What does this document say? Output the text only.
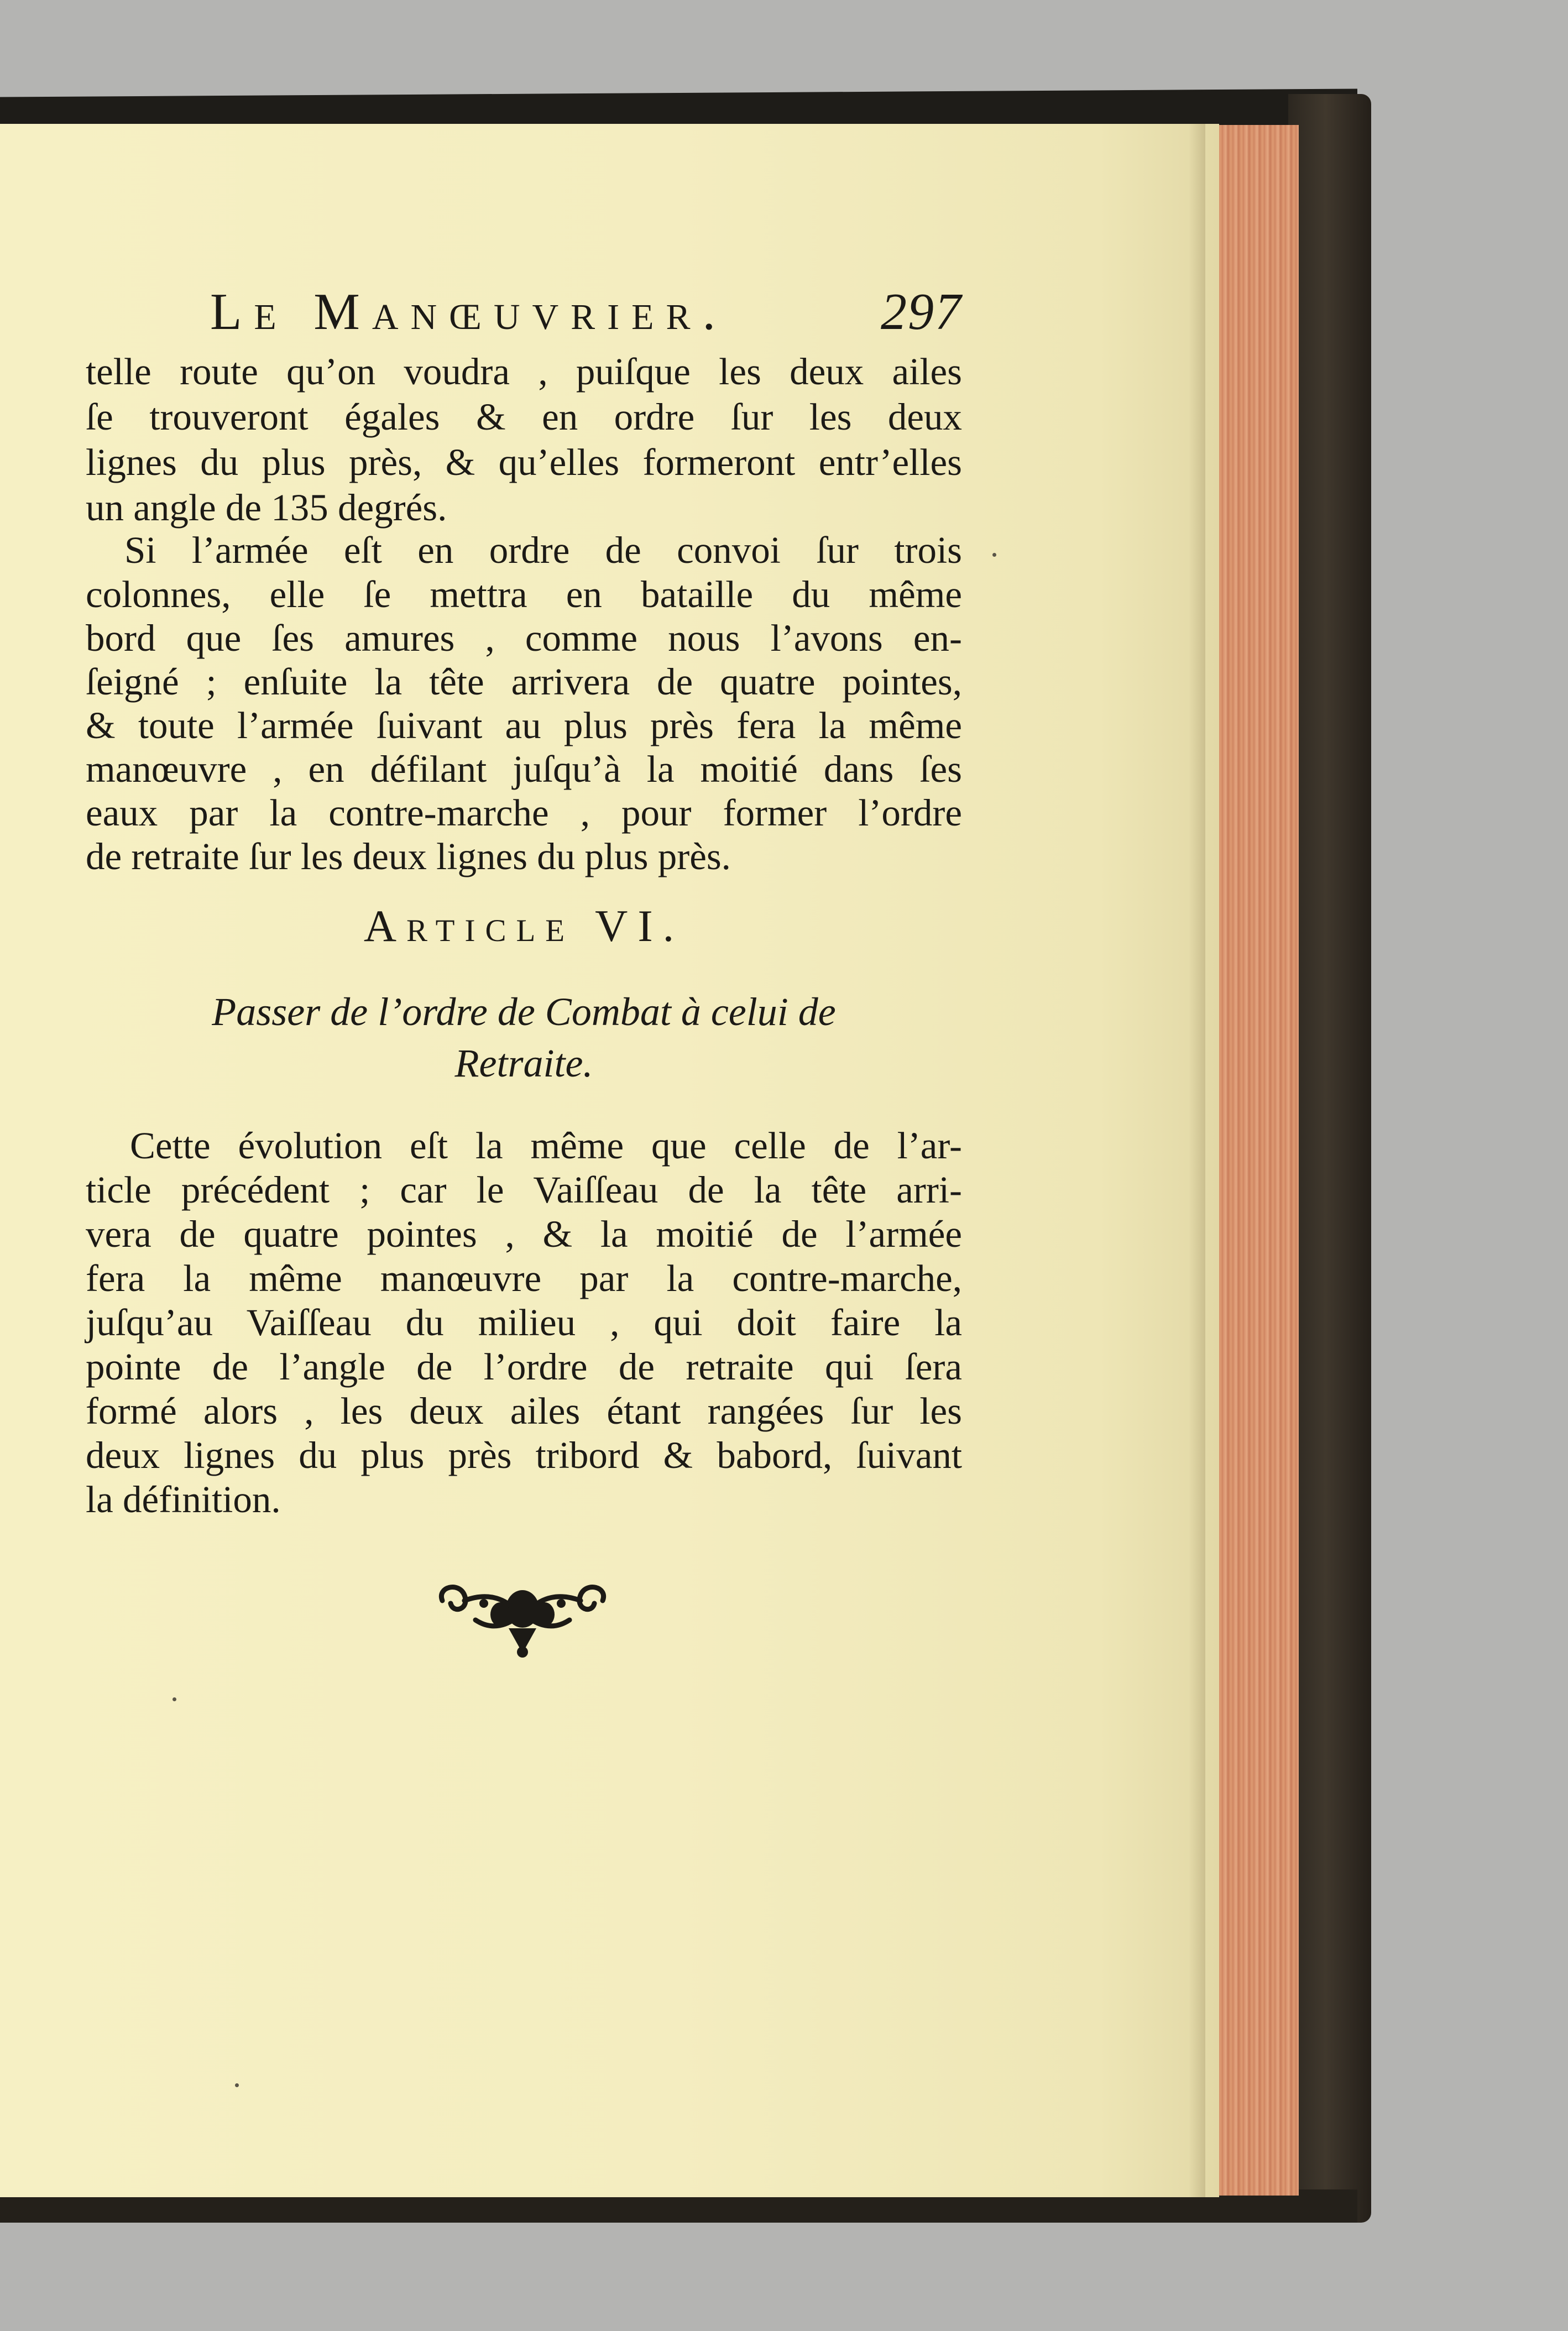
Le Manœuvrier.	297
telle route qu’on voudra , puiſque les deux ailes
ſe trouveront égales & en ordre ſur les deux
lignes du plus près, & qu’elles formeront entr’elles
un angle de 135 degrés.
Si l’armée eſt en ordre de convoi ſur trois
colonnes, elle ſe mettra en bataille du même
bord que ſes amures , comme nous l’avons en-
ſeigné ; enſuite la tête arrivera de quatre pointes,
& toute l’armée ſuivant au plus près fera la même
manœuvre , en défilant juſqu’à la moitié dans ſes
eaux par la contre-marche , pour former l’ordre
de retraite ſur les deux lignes du plus près.
Article VI.
Passer de l’ordre de Combat à celui de
Retraite.
Cette évolution eſt la même que celle de l’ar-
ticle précédent ; car le Vaiſſeau de la tête arri-
vera de quatre pointes , & la moitié de l’armée
fera la même manœuvre par la contre-marche,
juſqu’au Vaiſſeau du milieu , qui doit faire la
pointe de l’angle de l’ordre de retraite qui ſera
formé alors , les deux ailes étant rangées ſur les
deux lignes du plus près tribord & babord, ſuivant
la définition.
